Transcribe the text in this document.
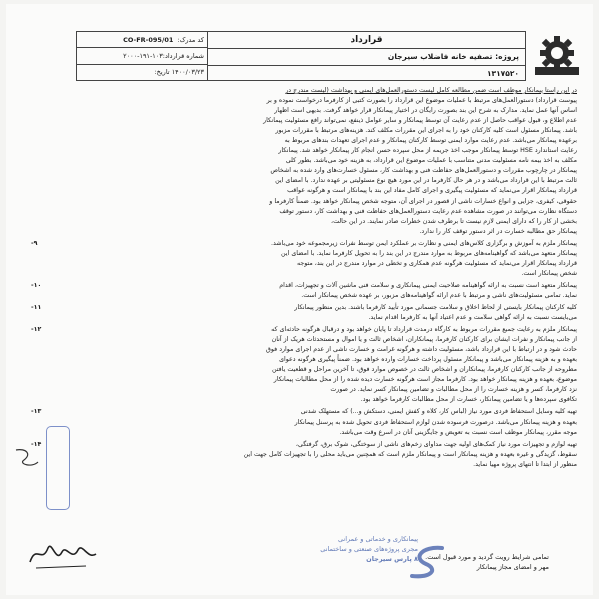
CO-FR-095/01 کد مدرک:
شماره قرارداد:۱۰۳-۱۹۱-۲۰۰۰
۱۴۰۰/۰۳/۲۳ تاریخ:
قرارداد
پروژه: تصفیه خانه فاضلاب سیرجان
۱۳۱۷۵۲۰
در این راستا پیمانکار موظف است ضمن مطالعه کامل لیست دستورالعمل‌های ایمنی و بهداشت (لیست مندرج در
پیوست قرارداد) دستورالعمل‌های مرتبط با عملیات موضوع این قرارداد را بصورت کتبی از کارفرما درخواست نموده و بر
اساس آنها عمل نماید. مدارک به شرح این بند بصورت رایگان در اختیار پیمانکار قرار خواهد گرفت. بدیهی است اظهار
عدم اطلاع و، قبول عواقب حاصل از عدم رعایت آن توسط پیمانکار و سایر عوامل ذینفع، نمی‌تواند رافع مسئولیت پیمانکار
باشد. پیمانکار مسئول است کلیه کارکنان خود را به اجرای این مقررات مکلف کند. هزینه‌های مرتبط با مقررات مزبور
برعهده پیمانکار می‌باشد. عدم رعایت موارد ایمنی توسط کارکنان پیمانکار و عدم اجرای تعهدات بندهای مربوط به
رعایت استاندارد HSE توسط پیمانکار موجب اخذ جریمه از محل سپرده حسن انجام کار پیمانکار خواهد شد. پیمانکار
مکلف به اخذ بیمه نامه مسئولیت مدنی متناسب با عملیات موضوع این قرارداد، به هزینه خود می‌باشد. بطور کلی
پیمانکار در چارچوب مقررات و دستورالعمل‌های حفاظت فنی و بهداشت کار، مسئول خسارت‌های وارد شده به اشخاص
ثالث مرتبط با این قرارداد می‌باشد و در هر حال کارفرما در این مورد هیچ نوع مسئولیتی بر عهده ندارد. با امضای این
قرارداد پیمانکار اقرار می‌نماید که مسئولیت پیگیری و اجرای کامل مفاد این بند با پیمانکار است و هرگونه عواقب
حقوقی، کیفری، جزایی و انواع خسارات ناشی از قصور در اجرای آن، متوجه شخص پیمانکار خواهد بود. ضمناً کارفرما و
دستگاه نظارت می‌توانند در صورت مشاهده عدم رعایت دستورالعمل‌های حفاظت فنی و بهداشت کار، دستور توقف
بخشی از کار را که دارای ایمنی لازم نیست تا برطرف شدن خطرات صادر نمایند. در این حالت،
پیمانکار حق مطالبه خسارت در اثر دستور توقف کار را ندارد.
پیمانکار ملزم به آموزش و برگزاری کلاس‌های ایمنی و نظارت بر عملکرد ایمن توسط نفرات زیرمجموعه خود می‌باشد.
پیمانکار متعهد می‌باشد که گواهینامه‌های مربوط به موارد مندرج در این بند را به تحویل کارفرما نماید. با امضای این
قرارداد پیمانکار اقرار می‌نماید که مسئولیت هرگونه عدم همکاری و تخطی در موارد مندرج در این بند، متوجه
شخص پیمانکار است.
-۹
پیمانکار متعهد است نسبت به ارائه گواهینامه صلاحیت ایمنی پیمانکاری و سلامت فنی ماشین آلات و تجهیزات، اقدام
نماید. تمامی مسئولیت‌های ناشی و مرتبط با عدم ارائه گواهینامه‌های مزبور، بر عهده شخص پیمانکار است.
-۱۰
کلیه کارکنان پیمانکار بایستی از لحاظ اخلاق و سلامت جسمانی مورد تأیید کارفرما باشند. بدین منظور پیمانکار
می‌بایست نسبت به ارائه گواهی سلامت و عدم اعتیاد آنها به کارفرما اقدام نماید.
-۱۱
پیمانکار ملزم به رعایت جمیع مقررات مربوط به کارگاه درمدت قرارداد تا پایان خواهد بود و درقبال هرگونه حادثه‌ای که
از جانب پیمانکار و نفرات ایشان برای کارکنان کارفرما، پیمانکاران، اشخاص ثالث و یا اموال و مستحدثات هریک از آنان
حادث شود و در ارتباط با این قرارداد باشد، مسئولیت داشته و هرگونه غرامت و خسارت ناشی از عدم اجرای موارد فوق
بعهده و به هزینه پیمانکار می‌باشد و پیمانکار مسئول پرداخت خسارات وارده خواهد بود. ضمناً پیگیری هرگونه دعوای
مطروحه از جانب کارکنان کارفرما، پیمانکاران و اشخاص ثالث در خصوص موارد فوق، تا آخرین مراحل و قطعیت یافتن
موضوع، بعهده و هزینه پیمانکار خواهد بود. کارفرما مجاز است هرگونه خسارت دیده شده را از محل مطالبات پیمانکار
نزد کارفرما، کسر و هزینه خسارت را از محل مطالبات و تضامین پیمانکار کسر نماید. در صورت
تکافوی سپرده‌ها و یا تضامین پیمانکار، خسارت از محل مطالبات کارفرما خواهد بود.
-۱۲
تهیه کلیه وسایل استحفاظ فردی مورد نیاز (لباس کار، کلاه و کفش ایمنی، دستکش و...) که مستهلک شدنی
بعهده و هزینه پیمانکار می‌باشد. درصورت فرسوده شدن لوازم استحفاظ فردی تحویل شده به پرسنل پیمانکار
موجه مقرر، پیمانکار موظف است نسبت به تعویض و جایگزینی آنان در اسرع وقت می‌باشد.
-۱۳
تهیه لوازم و تجهیزات مورد نیاز کمک‌های اولیه جهت مداوای زخم‌های ناشی از سوختگی، شوک برق، گرفتگی،
سقوط، گزیدگی و غیره بعهده و هزینه پیمانکار است و پیمانکار ملزم است که همچنین می‌باید محلی را با تجهیزات کامل جهت این
منظور از ابتدا تا انتهای پروژه مهیا نماید.
-۱۴
پیمانکاری و خدماتی و عمرانی
مجری پروژه‌های صنعتی و ساختمانی
۸ پارس سیرجان تمامی شرایط رویت گردید و مورد قبول است.
مهر و امضای مجاز پیمانکار
